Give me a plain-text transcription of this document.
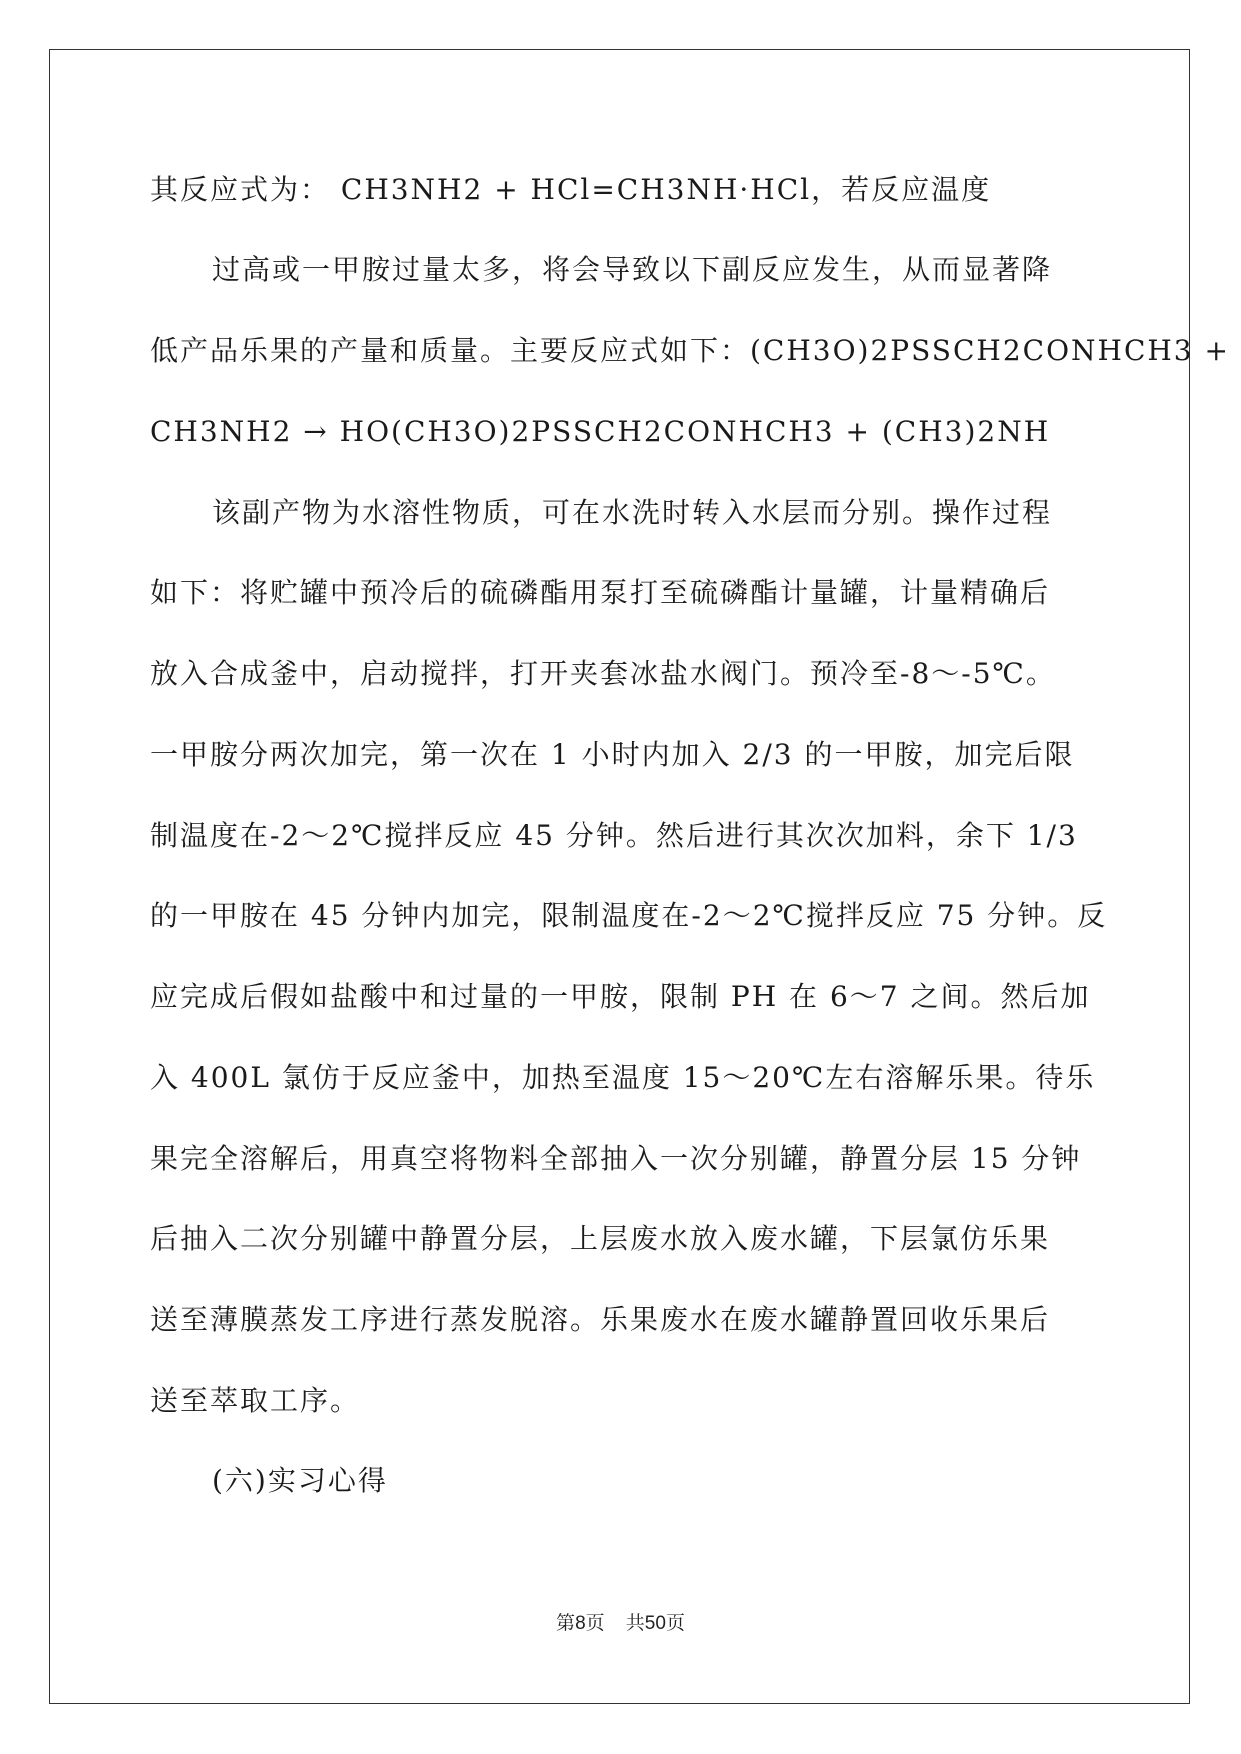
其反应式为： CH3NH2 + HCl=CH3NH·HCl，若反应温度
过高或一甲胺过量太多，将会导致以下副反应发生，从而显著降
低产品乐果的产量和质量。主要反应式如下：(CH3O)2PSSCH2CONHCH3 +
CH3NH2 → HO(CH3O)2PSSCH2CONHCH3 + (CH3)2NH
该副产物为水溶性物质，可在水洗时转入水层而分别。操作过程
如下：将贮罐中预冷后的硫磷酯用泵打至硫磷酯计量罐，计量精确后
放入合成釜中，启动搅拌，打开夹套冰盐水阀门。预冷至-8～-5℃。
一甲胺分两次加完，第一次在 1 小时内加入 2/3 的一甲胺，加完后限
制温度在-2～2℃搅拌反应 45 分钟。然后进行其次次加料，余下 1/3
的一甲胺在 45 分钟内加完，限制温度在-2～2℃搅拌反应 75 分钟。反
应完成后假如盐酸中和过量的一甲胺，限制 PH 在 6～7 之间。然后加
入 400L 氯仿于反应釜中，加热至温度 15～20℃左右溶解乐果。待乐
果完全溶解后，用真空将物料全部抽入一次分别罐，静置分层 15 分钟
后抽入二次分别罐中静置分层，上层废水放入废水罐，下层氯仿乐果
送至薄膜蒸发工序进行蒸发脱溶。乐果废水在废水罐静置回收乐果后
送至萃取工序。
(六)实习心得
第8页 共50页
